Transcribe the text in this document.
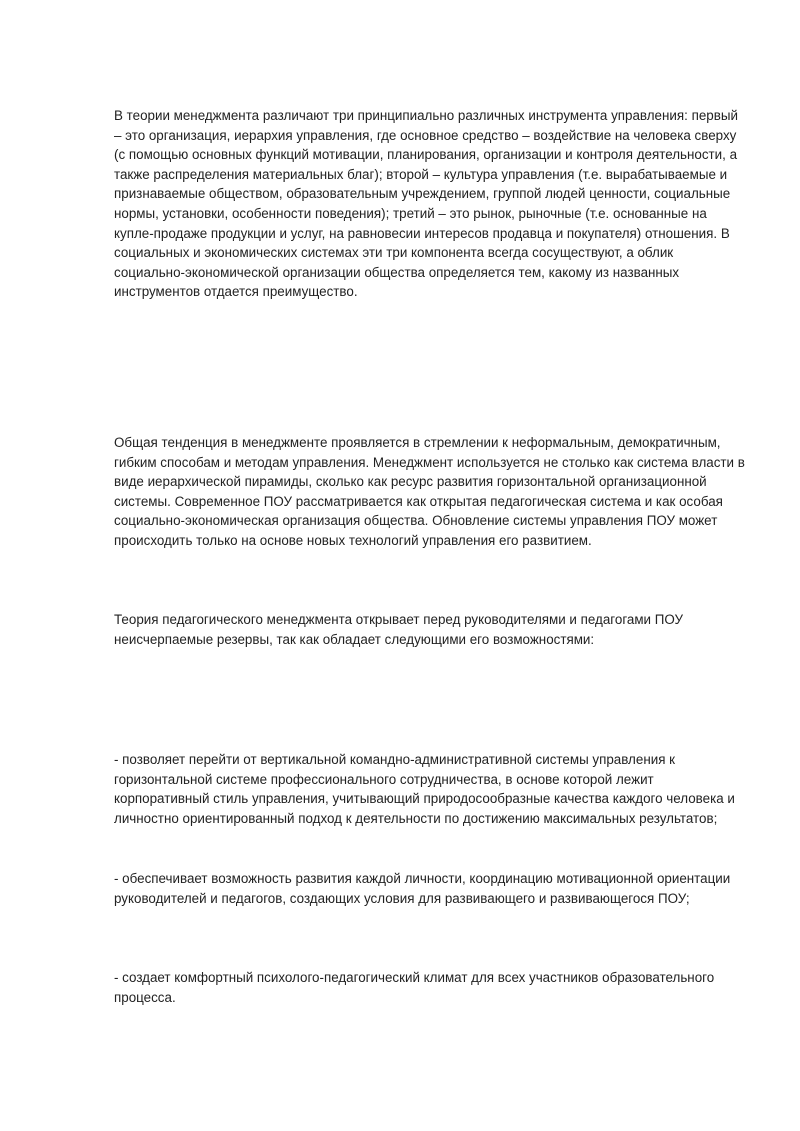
В теории менеджмента различают три принципиально различных инструмента управления: первый – это организация, иерархия управления, где основное средство – воздействие на человека сверху (с помощью основных функций мотивации, планирования, организации и контроля деятельности, а также распределения материальных благ); второй – культура управления (т.е. вырабатываемые и признаваемые обществом, образовательным учреждением, группой людей ценности, социальные нормы, установки, особенности поведения); третий – это рынок, рыночные (т.е. основанные на купле-продаже продукции и услуг, на равновесии интересов продавца и покупателя) отношения. В социальных и экономических системах эти три компонента всегда сосуществуют, а облик социально-экономической организации общества определяется тем, какому из названных инструментов отдается преимущество.

Общая тенденция в менеджменте проявляется в стремлении к неформальным, демократичным, гибким способам и методам управления. Менеджмент используется не столько как система власти в виде иерархической пирамиды, сколько как ресурс развития горизонтальной организационной системы. Современное ПОУ рассматривается как открытая педагогическая система и как особая социально-экономическая организация общества. Обновление системы управления ПОУ может происходить только на основе новых технологий управления его развитием.

Теория педагогического менеджмента открывает перед руководителями и педагогами ПОУ неисчерпаемые резервы, так как обладает следующими его возможностями:

- позволяет перейти от вертикальной командно-административной системы управления к горизонтальной системе профессионального сотрудничества, в основе которой лежит корпоративный стиль управления, учитывающий природосообразные качества каждого человека и личностно ориентированный подход к деятельности по достижению максимальных результатов;

- обеспечивает возможность развития каждой личности, координацию мотивационной ориентации руководителей и педагогов, создающих условия для развивающего и развивающегося ПОУ;

- создает комфортный психолого-педагогический климат для всех участников образовательного процесса.
